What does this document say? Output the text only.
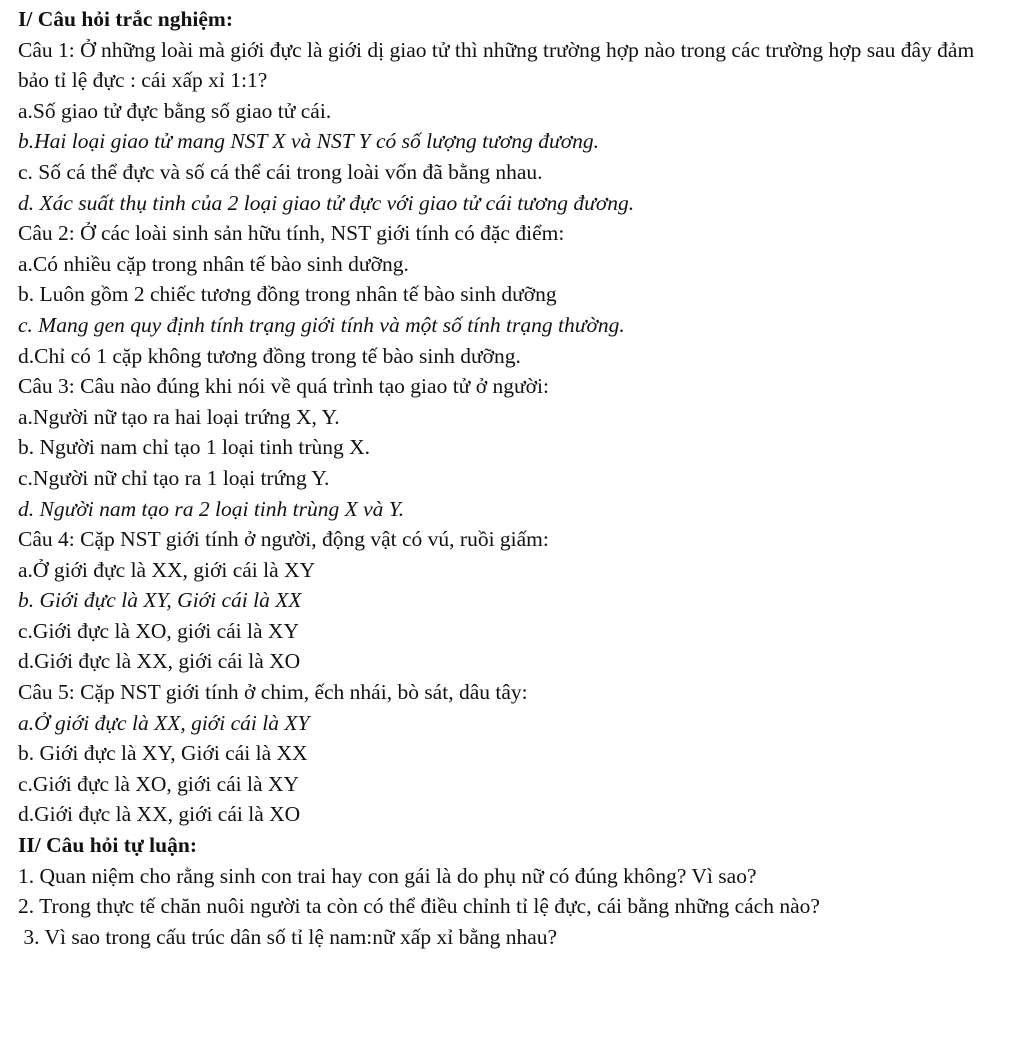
I/ Câu hỏi trắc nghiệm:
Câu 1: Ở những loài mà giới đực là giới dị giao tử thì những trường hợp nào trong các trường hợp sau đây đảm bảo tỉ lệ đực : cái xấp xỉ 1:1?
a.Số giao tử đực bằng số giao tử cái.
b.Hai loại giao tử mang NST X và NST Y có số lượng tương đương.
c. Số cá thể đực và số cá thể cái trong loài vốn đã bằng nhau.
d. Xác suất thụ tinh của 2 loại giao tử đực với giao tử cái tương đương.
Câu 2: Ở các loài sinh sản hữu tính, NST giới tính có đặc điểm:
a.Có nhiều cặp trong nhân tế bào sinh dưỡng.
b. Luôn gồm 2 chiếc tương đồng trong nhân tế bào sinh dưỡng
c. Mang gen quy định tính trạng giới tính và một số tính trạng thường.
d.Chỉ có 1 cặp không tương đồng trong tế bào sinh dưỡng.
Câu 3: Câu nào đúng khi nói về quá trình tạo giao tử ở người:
a.Người nữ tạo ra hai loại trứng X, Y.
b. Người nam chỉ tạo 1 loại tinh trùng X.
c.Người nữ chỉ tạo ra 1 loại trứng Y.
d. Người nam tạo ra 2 loại tinh trùng X và Y.
Câu 4: Cặp NST giới tính ở người, động vật có vú, ruồi giấm:
a.Ở giới đực là XX, giới cái là XY
b. Giới đực là XY, Giới cái là XX
c.Giới đực là XO, giới cái là XY
d.Giới đực là XX, giới cái là XO
Câu 5: Cặp NST giới tính ở chim, ếch nhái, bò sát, dâu tây:
a.Ở giới đực là XX, giới cái là XY
b. Giới đực là XY, Giới cái là XX
c.Giới đực là XO, giới cái là XY
d.Giới đực là XX, giới cái là XO
II/ Câu hỏi tự luận:
1. Quan niệm cho rằng sinh con trai hay con gái là do phụ nữ có đúng không? Vì sao?
2. Trong thực tế chăn nuôi người ta còn có thể điều chỉnh tỉ lệ đực, cái bằng những cách nào?
3. Vì sao trong cấu trúc dân số tỉ lệ nam:nữ xấp xỉ bằng nhau?
